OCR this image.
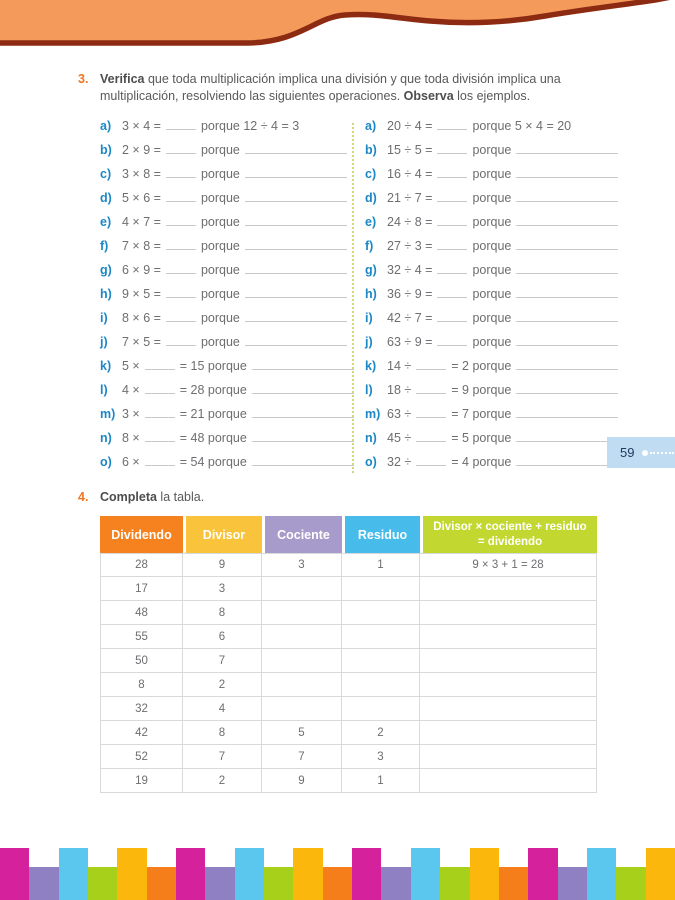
3. Verifica que toda multiplicación implica una división y que toda división implica una multiplicación, resolviendo las siguientes operaciones. Observa los ejemplos.
a) 3 × 4 =	porque 12 ÷ 4 = 3
b) 2 × 9 =	porque
c) 3 × 8 =	porque
d) 5 × 6 =	porque
e) 4 × 7 =	porque
f)	7 × 8 =	porque
g) 6 × 9 =	porque
h) 9 × 5 =	porque
i)	8 × 6 =	porque
j)	7 × 5 =	porque
k) 5 ×	= 15 porque
l)	4 ×	= 28 porque
m) 3 ×	= 21 porque
n) 8 ×	= 48 porque
o) 6 ×	= 54 porque
a) 20 ÷ 4 =	porque 5 × 4 = 20
b) 15 ÷ 5 =	porque
c) 16 ÷ 4 =	porque
d) 21 ÷ 7 =	porque
e) 24 ÷ 8 =	porque
f)	27 ÷ 3 =	porque
g) 32 ÷ 4 =	porque
h) 36 ÷ 9 =	porque
i)	42 ÷ 7 =	porque
j)	63 ÷ 9 =	porque
k) 14 ÷	= 2 porque
l)	18 ÷	= 9 porque
m) 63 ÷	= 7 porque
n) 45 ÷	= 5 porque
o) 32 ÷	= 4 porque
59
4. Completa la tabla.
Dividendo	Divisor	Cociente	Residuo	Divisor × cociente + residuo = dividendo
28	9	3	1	9 × 3 + 1 = 28
17	3			
48	8			
55	6			
50	7			
8	2			
32	4			
42	8	5	2	
52	7	7	3	
19	2	9	1	
